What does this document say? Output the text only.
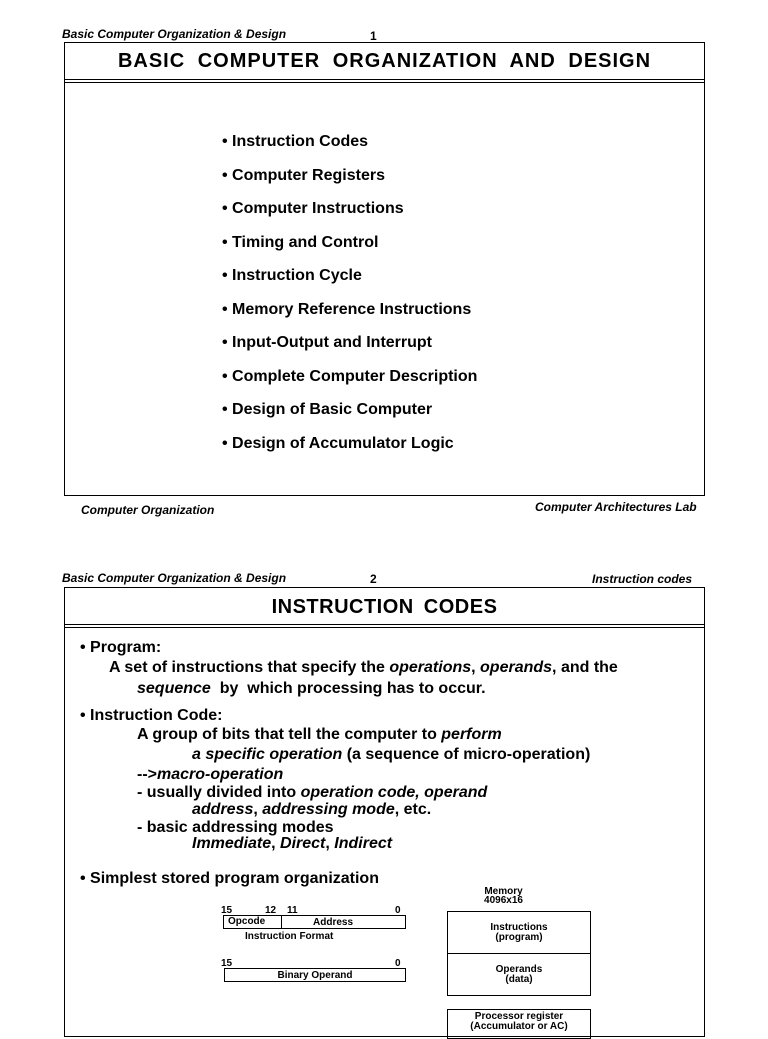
Basic Computer Organization & Design	1
BASIC COMPUTER ORGANIZATION AND DESIGN
• Instruction Codes
• Computer Registers
• Computer Instructions
• Timing and Control
• Instruction Cycle
• Memory Reference Instructions
• Input-Output and Interrupt
• Complete Computer Description
• Design of Basic Computer
• Design of Accumulator Logic
Computer Organization	Computer Architectures Lab
Basic Computer Organization & Design	2	Instruction codes
INSTRUCTION CODES
• Program:
A set of instructions that specify the operations, operands, and the
sequence  by  which processing has to occur.
• Instruction Code:
A group of bits that tell the computer to perform
a specific operation (a sequence of micro-operation)
-->macro-operation
- usually divided into operation code, operand
address, addressing mode, etc.
- basic addressing modes
Immediate, Direct, Indirect
• Simplest stored program organization
15	12 11	0
Opcode	Address
Instruction Format
15	0
Binary Operand
Memory
4096x16
Instructions
(program)
Operands
(data)
Processor register
(Accumulator or AC)
